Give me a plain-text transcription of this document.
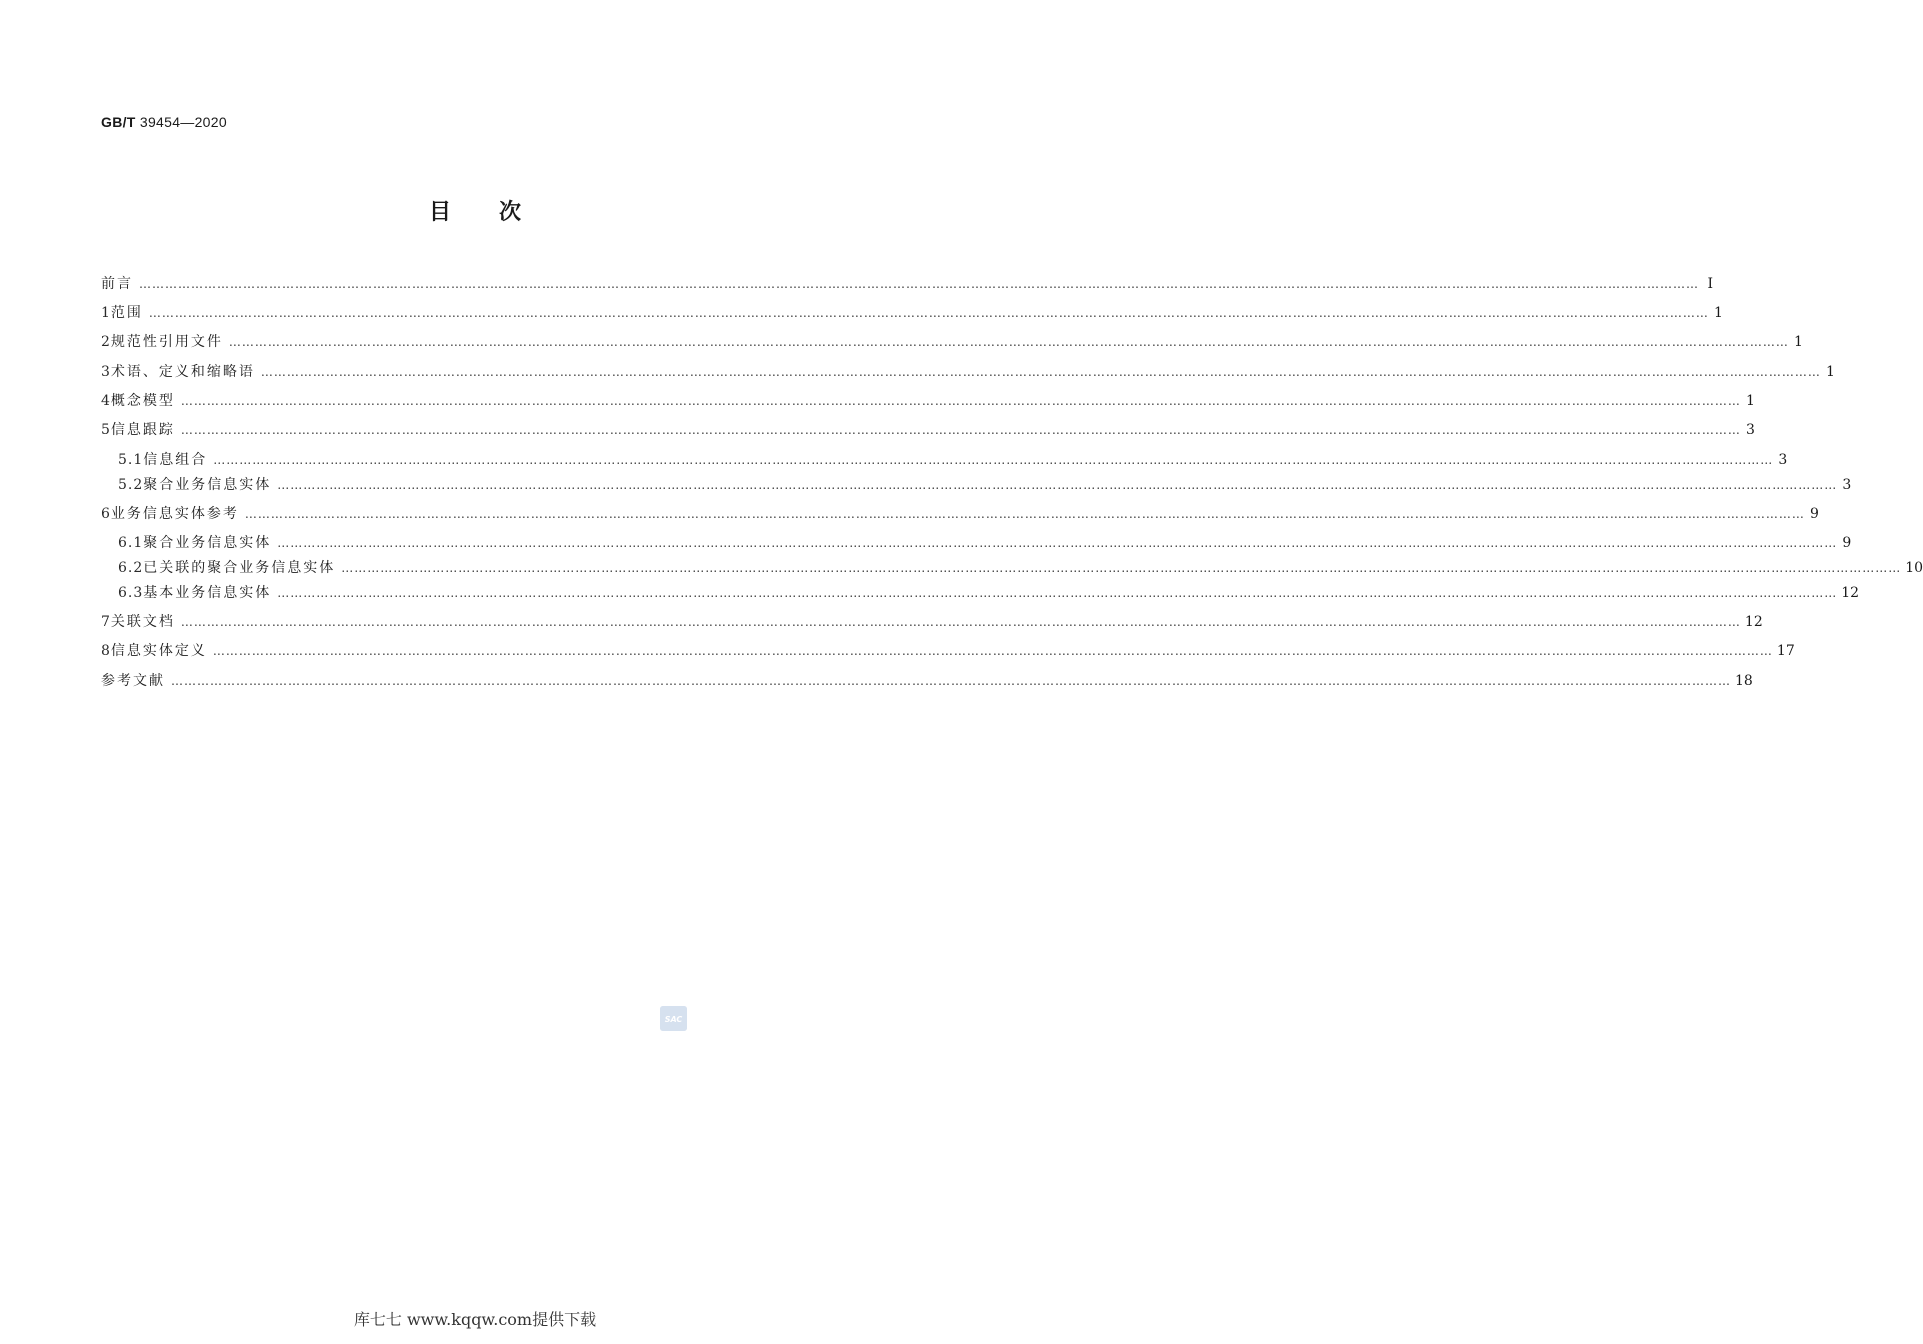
GB/T 39454—2020
目次
前言 ……………………………………………………………………………………………………………………………………………………………………………………………………………………………………………………………………………………………………………………………… Ⅰ
1 范围 ……………………………………………………………………………………………………………………………………………………………………………………………………………………………………………………………………………………………………………………………… 1
2 规范性引用文件 ……………………………………………………………………………………………………………………………………………………………………………………………………………………………………………………………………………………………………………………………… 1
3 术语、定义和缩略语 ……………………………………………………………………………………………………………………………………………………………………………………………………………………………………………………………………………………………………………………………… 1
4 概念模型 ……………………………………………………………………………………………………………………………………………………………………………………………………………………………………………………………………………………………………………………………… 1
5 信息跟踪 ……………………………………………………………………………………………………………………………………………………………………………………………………………………………………………………………………………………………………………………………… 3
5.1 信息组合 ……………………………………………………………………………………………………………………………………………………………………………………………………………………………………………………………………………………………………………………………… 3
5.2 聚合业务信息实体 ……………………………………………………………………………………………………………………………………………………………………………………………………………………………………………………………………………………………………………………………… 3
6 业务信息实体参考 ……………………………………………………………………………………………………………………………………………………………………………………………………………………………………………………………………………………………………………………………… 9
6.1 聚合业务信息实体 ……………………………………………………………………………………………………………………………………………………………………………………………………………………………………………………………………………………………………………………………… 9
6.2 已关联的聚合业务信息实体 ……………………………………………………………………………………………………………………………………………………………………………………………………………………………………………………………………………………………………………………………… 10
6.3 基本业务信息实体 ……………………………………………………………………………………………………………………………………………………………………………………………………………………………………………………………………………………………………………………………… 12
7 关联文档 ……………………………………………………………………………………………………………………………………………………………………………………………………………………………………………………………………………………………………………………………… 12
8 信息实体定义 ……………………………………………………………………………………………………………………………………………………………………………………………………………………………………………………………………………………………………………………………… 17
参考文献 ……………………………………………………………………………………………………………………………………………………………………………………………………………………………………………………………………………………………………………………………… 18
SAC
库七七 www.kqqw.com提供下载
